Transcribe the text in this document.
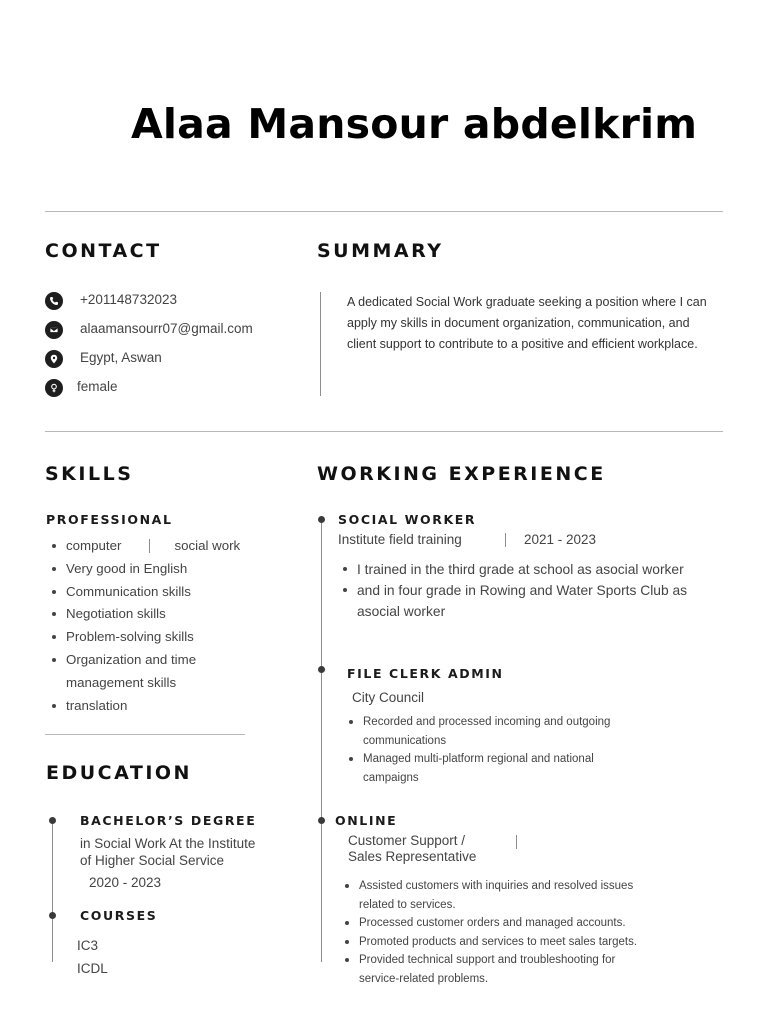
Alaa Mansour abdelkrim
CONTACT
+201148732023
alaamansourr07@gmail.com
Egypt, Aswan
female
SUMMARY
A dedicated Social Work graduate seeking a position where I can
apply my skills in document organization, communication, and
client support to contribute to a positive and efficient workplace.
SKILLS
PROFESSIONAL
computer	social work
Very good in English
Communication skills
Negotiation skills
Problem-solving skills
Organization and time
management skills
translation
EDUCATION
BACHELOR’S DEGREE
in Social Work At the Institute
of Higher Social Service
2020 - 2023
COURSES
IC3
ICDL
WORKING EXPERIENCE
SOCIAL WORKER
Institute field training	2021 - 2023
I trained in the third grade at school as asocial worker
and in four grade in Rowing and Water Sports Club as
asocial worker
FILE CLERK ADMIN
City Council
Recorded and processed incoming and outgoing
communications
Managed multi-platform regional and national
campaigns
ONLINE
Customer Support /
Sales Representative
Assisted customers with inquiries and resolved issues
related to services.
Processed customer orders and managed accounts.
Promoted products and services to meet sales targets.
Provided technical support and troubleshooting for
service-related problems.
